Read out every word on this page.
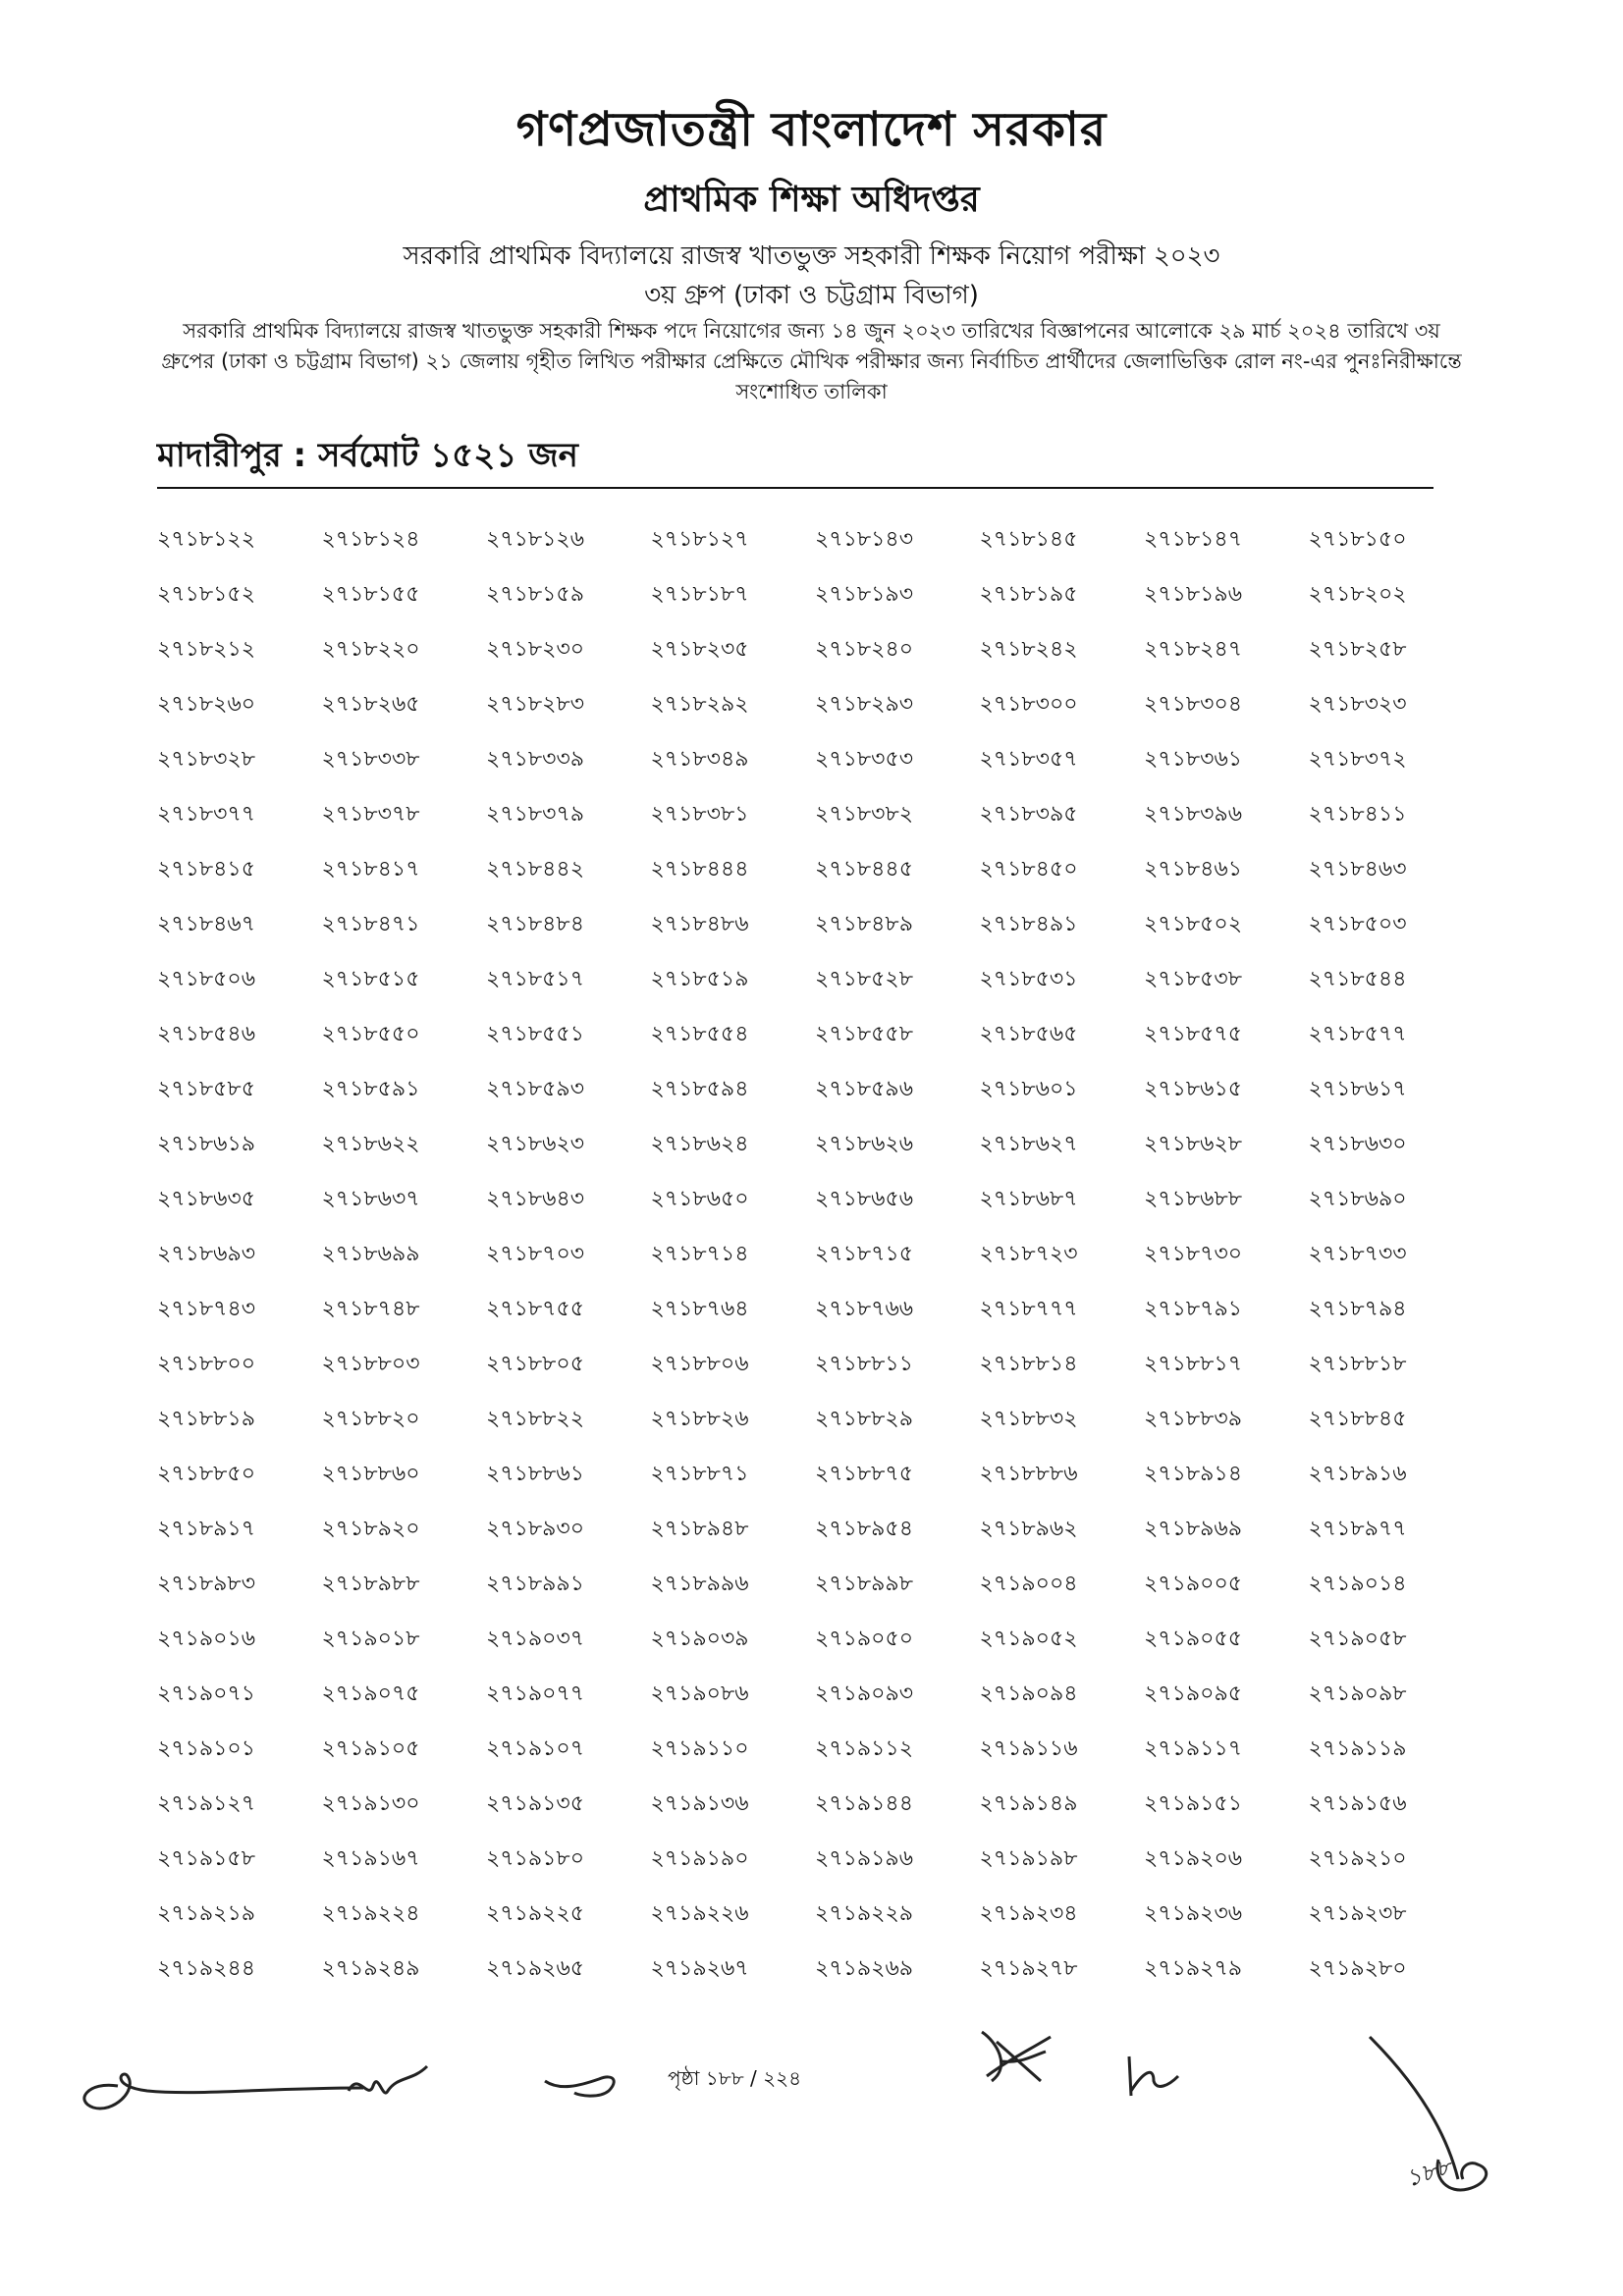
গণপ্রজাতন্ত্রী বাংলাদেশ সরকার
প্রাথমিক শিক্ষা অধিদপ্তর
সরকারি প্রাথমিক বিদ্যালয়ে রাজস্ব খাতভুক্ত সহকারী শিক্ষক নিয়োগ পরীক্ষা ২০২৩
৩য় গ্রুপ (ঢাকা ও চট্টগ্রাম বিভাগ)
সরকারি প্রাথমিক বিদ্যালয়ে রাজস্ব খাতভুক্ত সহকারী শিক্ষক পদে নিয়োগের জন্য ১৪ জুন ২০২৩ তারিখের বিজ্ঞাপনের আলোকে ২৯ মার্চ ২০২৪ তারিখে ৩য় গ্রুপের (ঢাকা ও চট্টগ্রাম বিভাগ) ২১ জেলায় গৃহীত লিখিত পরীক্ষার প্রেক্ষিতে মৌখিক পরীক্ষার জন্য নির্বাচিত প্রার্থীদের জেলাভিত্তিক রোল নং-এর পুনঃনিরীক্ষান্তে সংশোধিত তালিকা
মাদারীপুর : সর্বমোট ১৫২১ জন
২৭১৮১২২	২৭১৮১২৪	২৭১৮১২৬	২৭১৮১২৭	২৭১৮১৪৩	২৭১৮১৪৫	২৭১৮১৪৭	২৭১৮১৫০
২৭১৮১৫২	২৭১৮১৫৫	২৭১৮১৫৯	২৭১৮১৮৭	২৭১৮১৯৩	২৭১৮১৯৫	২৭১৮১৯৬	২৭১৮২০২
২৭১৮২১২	২৭১৮২২০	২৭১৮২৩০	২৭১৮২৩৫	২৭১৮২৪০	২৭১৮২৪২	২৭১৮২৪৭	২৭১৮২৫৮
২৭১৮২৬০	২৭১৮২৬৫	২৭১৮২৮৩	২৭১৮২৯২	২৭১৮২৯৩	২৭১৮৩০০	২৭১৮৩০৪	২৭১৮৩২৩
২৭১৮৩২৮	২৭১৮৩৩৮	২৭১৮৩৩৯	২৭১৮৩৪৯	২৭১৮৩৫৩	২৭১৮৩৫৭	২৭১৮৩৬১	২৭১৮৩৭২
২৭১৮৩৭৭	২৭১৮৩৭৮	২৭১৮৩৭৯	২৭১৮৩৮১	২৭১৮৩৮২	২৭১৮৩৯৫	২৭১৮৩৯৬	২৭১৮৪১১
২৭১৮৪১৫	২৭১৮৪১৭	২৭১৮৪৪২	২৭১৮৪৪৪	২৭১৮৪৪৫	২৭১৮৪৫০	২৭১৮৪৬১	২৭১৮৪৬৩
২৭১৮৪৬৭	২৭১৮৪৭১	২৭১৮৪৮৪	২৭১৮৪৮৬	২৭১৮৪৮৯	২৭১৮৪৯১	২৭১৮৫০২	২৭১৮৫০৩
২৭১৮৫০৬	২৭১৮৫১৫	২৭১৮৫১৭	২৭১৮৫১৯	২৭১৮৫২৮	২৭১৮৫৩১	২৭১৮৫৩৮	২৭১৮৫৪৪
২৭১৮৫৪৬	২৭১৮৫৫০	২৭১৮৫৫১	২৭১৮৫৫৪	২৭১৮৫৫৮	২৭১৮৫৬৫	২৭১৮৫৭৫	২৭১৮৫৭৭
২৭১৮৫৮৫	২৭১৮৫৯১	২৭১৮৫৯৩	২৭১৮৫৯৪	২৭১৮৫৯৬	২৭১৮৬০১	২৭১৮৬১৫	২৭১৮৬১৭
২৭১৮৬১৯	২৭১৮৬২২	২৭১৮৬২৩	২৭১৮৬২৪	২৭১৮৬২৬	২৭১৮৬২৭	২৭১৮৬২৮	২৭১৮৬৩০
২৭১৮৬৩৫	২৭১৮৬৩৭	২৭১৮৬৪৩	২৭১৮৬৫০	২৭১৮৬৫৬	২৭১৮৬৮৭	২৭১৮৬৮৮	২৭১৮৬৯০
২৭১৮৬৯৩	২৭১৮৬৯৯	২৭১৮৭০৩	২৭১৮৭১৪	২৭১৮৭১৫	২৭১৮৭২৩	২৭১৮৭৩০	২৭১৮৭৩৩
২৭১৮৭৪৩	২৭১৮৭৪৮	২৭১৮৭৫৫	২৭১৮৭৬৪	২৭১৮৭৬৬	২৭১৮৭৭৭	২৭১৮৭৯১	২৭১৮৭৯৪
২৭১৮৮০০	২৭১৮৮০৩	২৭১৮৮০৫	২৭১৮৮০৬	২৭১৮৮১১	২৭১৮৮১৪	২৭১৮৮১৭	২৭১৮৮১৮
২৭১৮৮১৯	২৭১৮৮২০	২৭১৮৮২২	২৭১৮৮২৬	২৭১৮৮২৯	২৭১৮৮৩২	২৭১৮৮৩৯	২৭১৮৮৪৫
২৭১৮৮৫০	২৭১৮৮৬০	২৭১৮৮৬১	২৭১৮৮৭১	২৭১৮৮৭৫	২৭১৮৮৮৬	২৭১৮৯১৪	২৭১৮৯১৬
২৭১৮৯১৭	২৭১৮৯২০	২৭১৮৯৩০	২৭১৮৯৪৮	২৭১৮৯৫৪	২৭১৮৯৬২	২৭১৮৯৬৯	২৭১৮৯৭৭
২৭১৮৯৮৩	২৭১৮৯৮৮	২৭১৮৯৯১	২৭১৮৯৯৬	২৭১৮৯৯৮	২৭১৯০০৪	২৭১৯০০৫	২৭১৯০১৪
২৭১৯০১৬	২৭১৯০১৮	২৭১৯০৩৭	২৭১৯০৩৯	২৭১৯০৫০	২৭১৯০৫২	২৭১৯০৫৫	২৭১৯০৫৮
২৭১৯০৭১	২৭১৯০৭৫	২৭১৯০৭৭	২৭১৯০৮৬	২৭১৯০৯৩	২৭১৯০৯৪	২৭১৯০৯৫	২৭১৯০৯৮
২৭১৯১০১	২৭১৯১০৫	২৭১৯১০৭	২৭১৯১১০	২৭১৯১১২	২৭১৯১১৬	২৭১৯১১৭	২৭১৯১১৯
২৭১৯১২৭	২৭১৯১৩০	২৭১৯১৩৫	২৭১৯১৩৬	২৭১৯১৪৪	২৭১৯১৪৯	২৭১৯১৫১	২৭১৯১৫৬
২৭১৯১৫৮	২৭১৯১৬৭	২৭১৯১৮০	২৭১৯১৯০	২৭১৯১৯৬	২৭১৯১৯৮	২৭১৯২০৬	২৭১৯২১০
২৭১৯২১৯	২৭১৯২২৪	২৭১৯২২৫	২৭১৯২২৬	২৭১৯২২৯	২৭১৯২৩৪	২৭১৯২৩৬	২৭১৯২৩৮
২৭১৯২৪৪	২৭১৯২৪৯	২৭১৯২৬৫	২৭১৯২৬৭	২৭১৯২৬৯	২৭১৯২৭৮	২৭১৯২৭৯	২৭১৯২৮০
পৃষ্ঠা ১৮৮ / ২২৪
১৮৮
